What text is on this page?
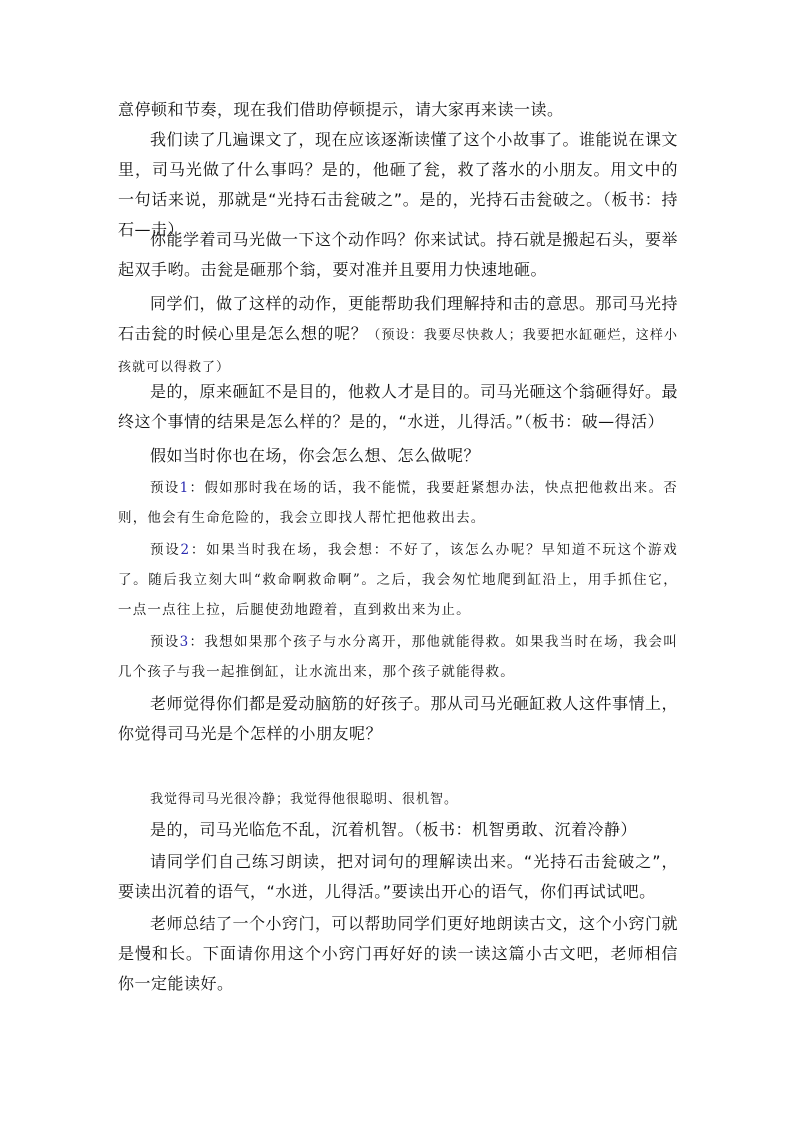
意停顿和节奏，现在我们借助停顿提示，请大家再来读一读。

我们读了几遍课文了，现在应该逐渐读懂了这个小故事了。谁能说在课文里，司马光做了什么事吗？是的，他砸了瓮，救了落水的小朋友。用文中的一句话来说，那就是“光持石击瓮破之”。是的，光持石击瓮破之。（板书：持石—击）

你能学着司马光做一下这个动作吗？你来试试。持石就是搬起石头，要举起双手哟。击瓮是砸那个翁，要对准并且要用力快速地砸。

同学们，做了这样的动作，更能帮助我们理解持和击的意思。那司马光持石击瓮的时候心里是怎么想的呢？（预设：我要尽快救人；我要把水缸砸烂，这样小孩就可以得救了）

是的，原来砸缸不是目的，他救人才是目的。司马光砸这个翁砸得好。最终这个事情的结果是怎么样的？是的，“水迸，儿得活。”（板书：破—得活）

假如当时你也在场，你会怎么想、怎么做呢？

预设1：假如那时我在场的话，我不能慌，我要赶紧想办法，快点把他救出来。否则，他会有生命危险的，我会立即找人帮忙把他救出去。

预设2：如果当时我在场，我会想：不好了，该怎么办呢？早知道不玩这个游戏了。随后我立刻大叫“救命啊救命啊”。之后，我会匆忙地爬到缸沿上，用手抓住它，一点一点往上拉，后腿使劲地蹬着，直到救出来为止。

预设3：我想如果那个孩子与水分离开，那他就能得救。如果我当时在场，我会叫几个孩子与我一起推倒缸，让水流出来，那个孩子就能得救。

老师觉得你们都是爱动脑筋的好孩子。那从司马光砸缸救人这件事情上，你觉得司马光是个怎样的小朋友呢？

我觉得司马光很冷静；我觉得他很聪明、很机智。

是的，司马光临危不乱，沉着机智。（板书：机智勇敢、沉着冷静）

请同学们自己练习朗读，把对词句的理解读出来。“光持石击瓮破之”，要读出沉着的语气，“水迸，儿得活。”要读出开心的语气，你们再试试吧。

老师总结了一个小窍门，可以帮助同学们更好地朗读古文，这个小窍门就是慢和长。下面请你用这个小窍门再好好的读一读这篇小古文吧，老师相信你一定能读好。
